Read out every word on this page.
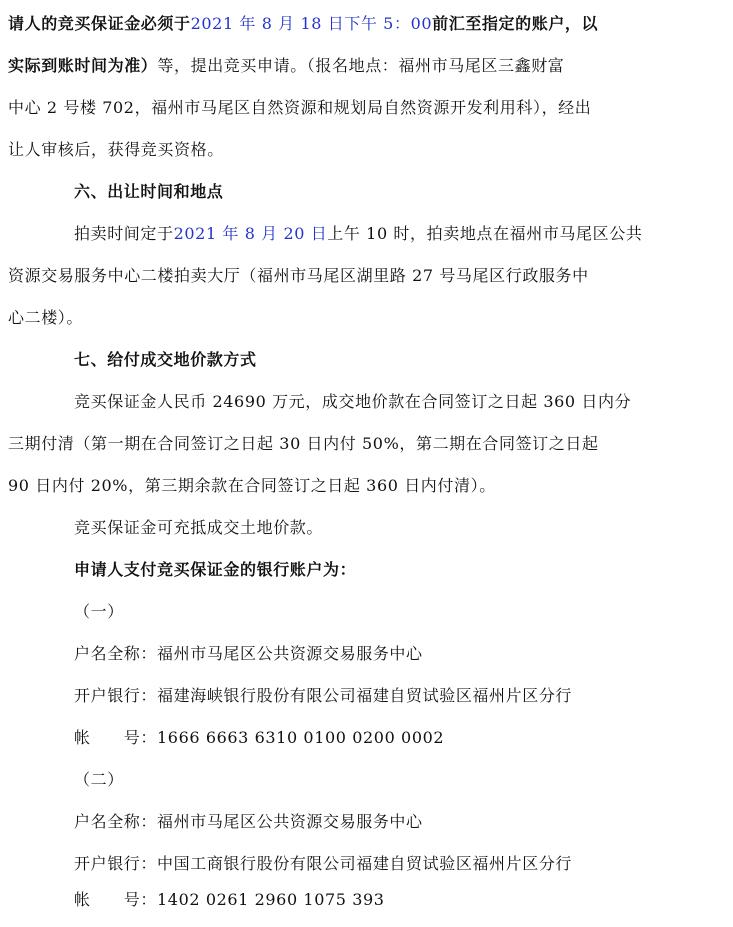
请人的竞买保证金必须于2021 年 8 月 18 日下午 5：00前汇至指定的账户，以
实际到账时间为准）等，提出竞买申请。（报名地点：福州市马尾区三鑫财富
中心 2 号楼 702，福州市马尾区自然资源和规划局自然资源开发利用科），经出
让人审核后，获得竞买资格。
六、出让时间和地点
拍卖时间定于2021 年 8 月 20 日上午 10 时，拍卖地点在福州市马尾区公共
资源交易服务中心二楼拍卖大厅（福州市马尾区湖里路 27 号马尾区行政服务中
心二楼）。
七、给付成交地价款方式
竞买保证金人民币 24690 万元，成交地价款在合同签订之日起 360 日内分
三期付清（第一期在合同签订之日起 30 日内付 50%，第二期在合同签订之日起
90 日内付 20%，第三期余款在合同签订之日起 360 日内付清）。
竞买保证金可充抵成交土地价款。
申请人支付竞买保证金的银行账户为：
（一）
户名全称：福州市马尾区公共资源交易服务中心
开户银行：福建海峡银行股份有限公司福建自贸试验区福州片区分行
帐　　号：1666 6663 6310 0100 0200 0002
（二）
户名全称：福州市马尾区公共资源交易服务中心
开户银行：中国工商银行股份有限公司福建自贸试验区福州片区分行
帐　　号：1402 0261 2960 1075 393
